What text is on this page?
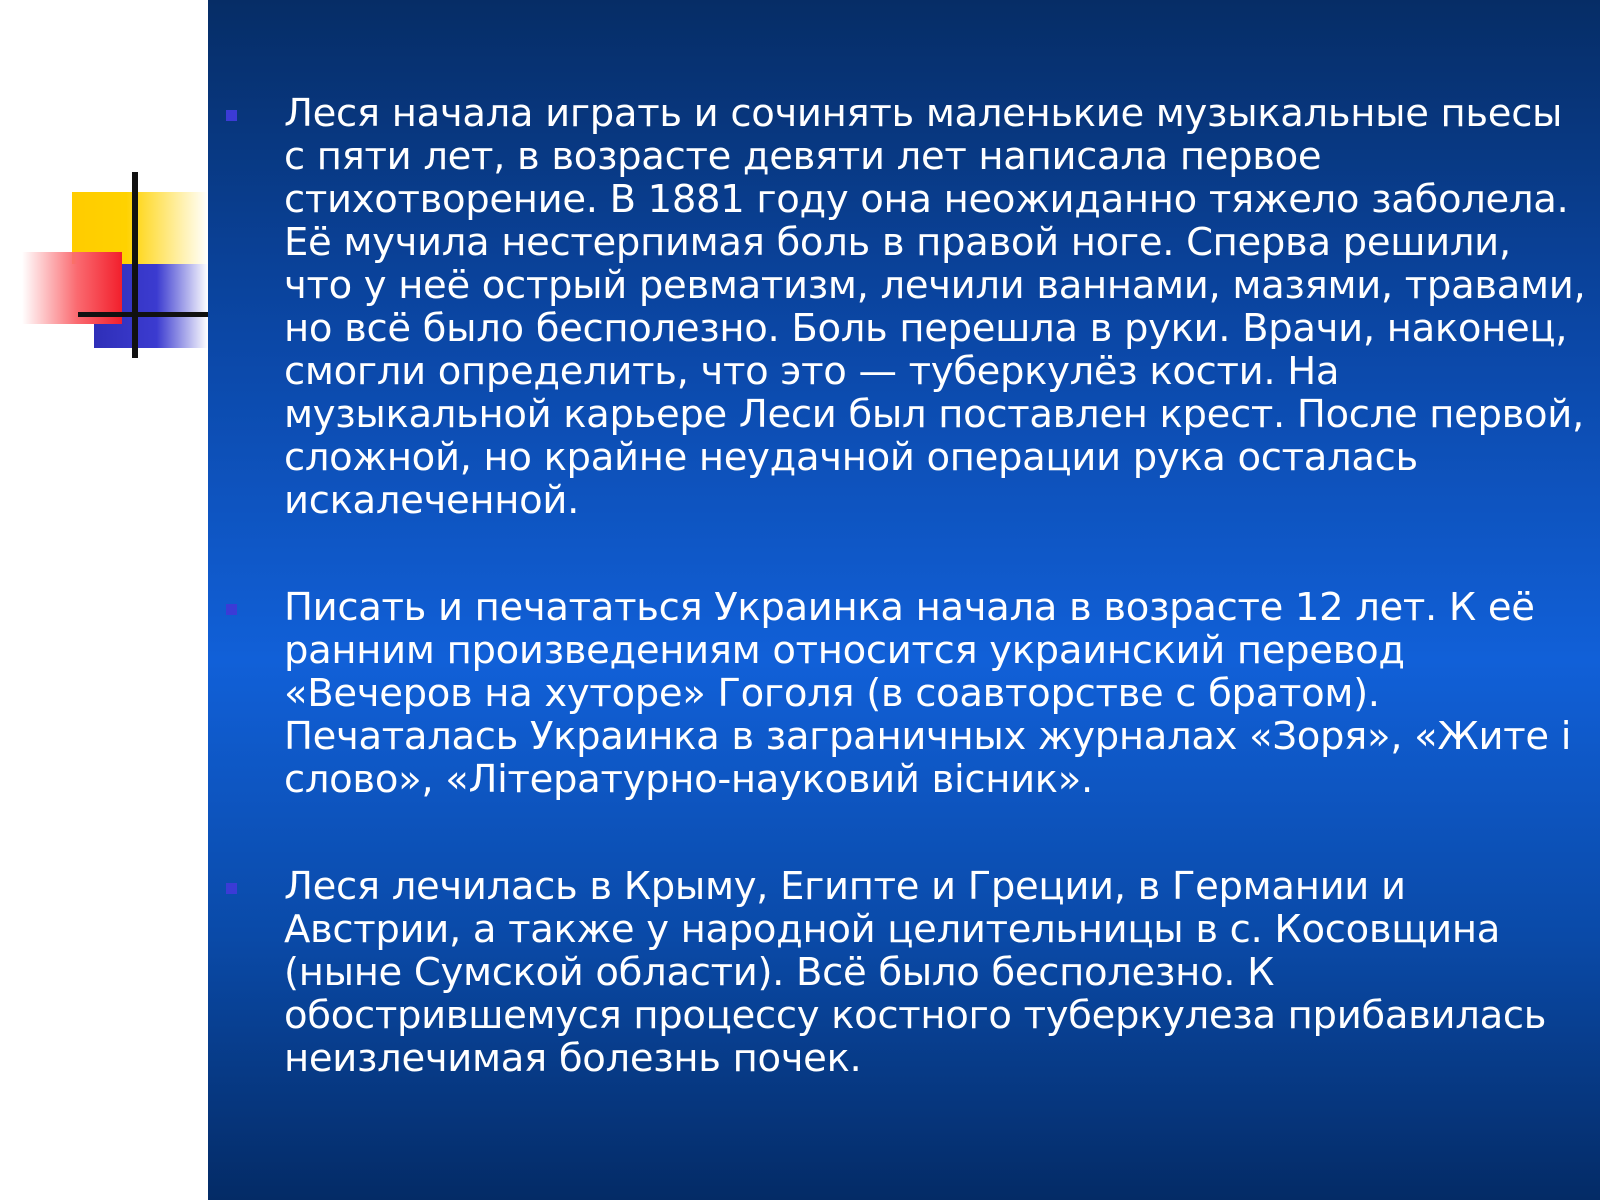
Леся начала играть и сочинять маленькие музыкальные пьесы с пяти лет, в возрасте девяти лет написала первое стихотворение. В 1881 году она неожиданно тяжело заболела. Её мучила нестерпимая боль в правой ноге. Сперва решили, что у неё острый ревматизм, лечили ваннами, мазями, травами, но всё было бесполезно. Боль перешла в руки. Врачи, наконец, смогли определить, что это — туберкулёз кости. На музыкальной карьере Леси был поставлен крест. После первой, сложной, но крайне неудачной операции рука осталась искалеченной.
Писать и печататься Украинка начала в возрасте 12 лет. К её ранним произведениям относится украинский перевод «Вечеров на хуторе» Гоголя (в соавторстве с братом). Печаталась Украинка в заграничных журналах «Зоря», «Жите і слово», «Літературно-науковий вісник».
Леся лечилась в Крыму, Египте и Греции, в Германии и Австрии, а также у народной целительницы в с. Косовщина (ныне Сумской области). Всё было бесполезно. К обострившемуся процессу костного туберкулеза прибавилась неизлечимая болезнь почек.
